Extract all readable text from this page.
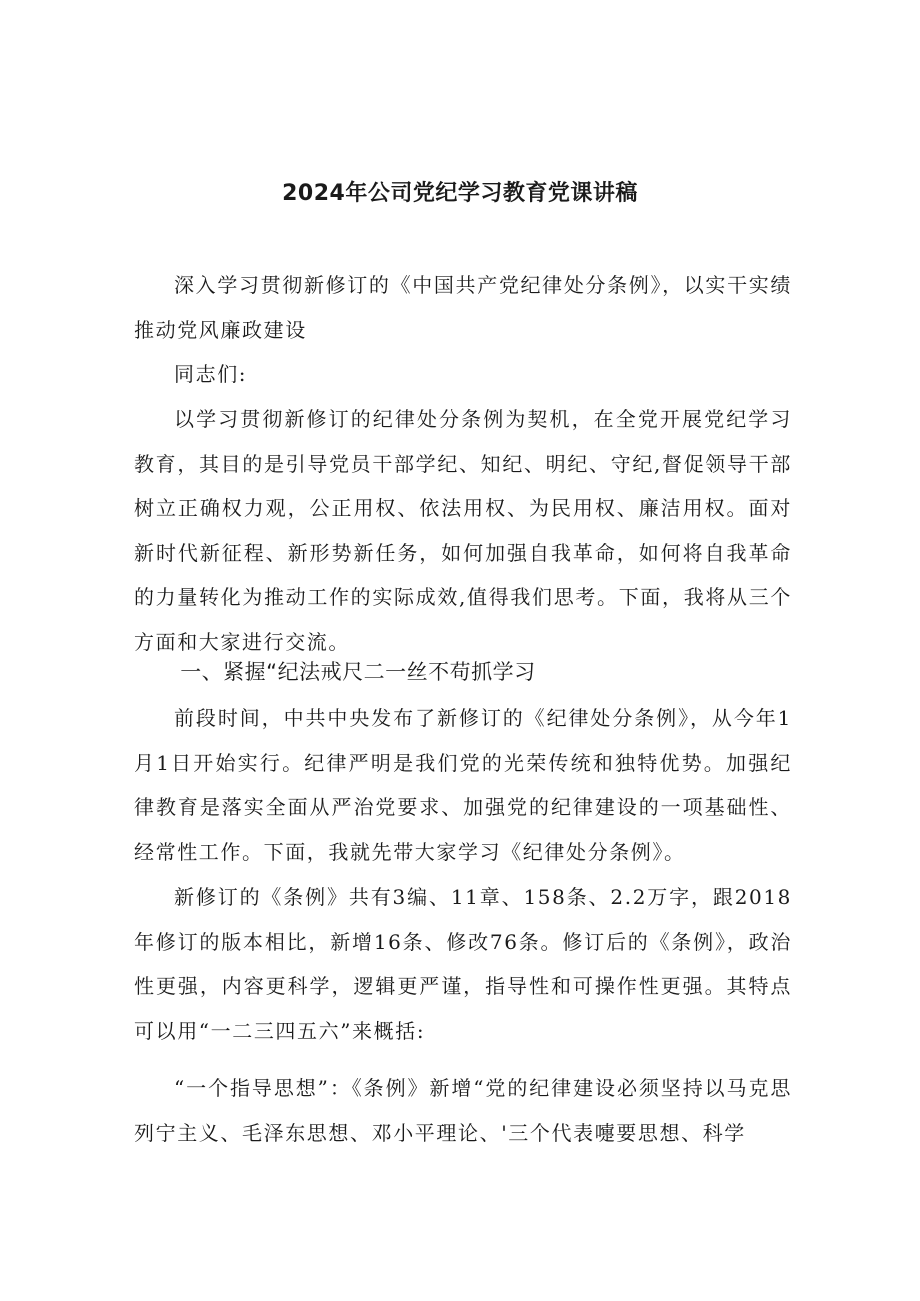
2024年公司党纪学习教育党课讲稿

深入学习贯彻新修订的《中国共产党纪律处分条例》，以实干实绩推动党风廉政建设

同志们:

以学习贯彻新修订的纪律处分条例为契机，在全党开展党纪学习教育，其目的是引导党员干部学纪、知纪、明纪、守纪,督促领导干部树立正确权力观，公正用权、依法用权、为民用权、廉洁用权。面对新时代新征程、新形势新任务，如何加强自我革命，如何将自我革命的力量转化为推动工作的实际成效,值得我们思考。下面，我将从三个方面和大家进行交流。

一、紧握“纪法戒尺二一丝不苟抓学习

前段时间，中共中央发布了新修订的《纪律处分条例》，从今年1月1日开始实行。纪律严明是我们党的光荣传统和独特优势。加强纪律教育是落实全面从严治党要求、加强党的纪律建设的一项基础性、经常性工作。下面，我就先带大家学习《纪律处分条例》。

新修订的《条例》共有3编、11章、158条、2.2万字，跟2018年修订的版本相比，新增16条、修改76条。修订后的《条例》，政治性更强，内容更科学，逻辑更严谨，指导性和可操作性更强。其特点可以用“一二三四五六”来概括:

“一个指导思想”：《条例》新增“党的纪律建设必须坚持以马克思列宁主义、毛泽东思想、邓小平理论、'三个代表嚏要思想、科学
